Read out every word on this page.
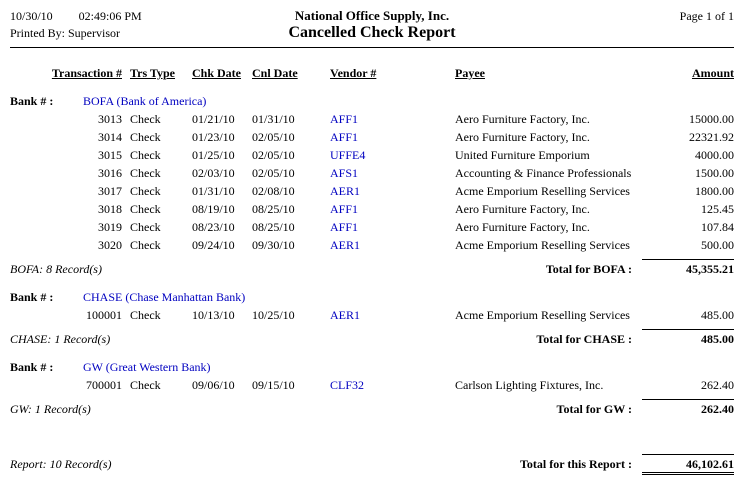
10/30/10 02:49:06 PM	National Office Supply, Inc.	Page 1 of 1
Printed By: Supervisor	Cancelled Check Report
Transaction #	Trs Type	Chk Date	Cnl Date	Vendor #	Payee	Amount
Bank # : BOFA (Bank of America)						
3013	Check	01/21/10	01/31/10	AFF1	Aero Furniture Factory, Inc.	15000.00
3014	Check	01/23/10	02/05/10	AFF1	Aero Furniture Factory, Inc.	22321.92
3015	Check	01/25/10	02/05/10	UFFE4	United Furniture Emporium	4000.00
3016	Check	02/03/10	02/05/10	AFS1	Accounting & Finance Professionals	1500.00
3017	Check	01/31/10	02/08/10	AER1	Acme Emporium Reselling Services	1800.00
3018	Check	08/19/10	08/25/10	AFF1	Aero Furniture Factory, Inc.	125.45
3019	Check	08/23/10	08/25/10	AFF1	Aero Furniture Factory, Inc.	107.84
3020	Check	09/24/10	09/30/10	AER1	Acme Emporium Reselling Services	500.00
BOFA: 8 Record(s)				Total for BOFA :		45,355.21

Bank # : CHASE (Chase Manhattan Bank)						
100001	Check	10/13/10	10/25/10	AER1	Acme Emporium Reselling Services	485.00
CHASE: 1 Record(s)				Total for CHASE :		485.00

Bank # : GW (Great Western Bank)						
700001	Check	09/06/10	09/15/10	CLF32	Carlson Lighting Fixtures, Inc.	262.40
GW: 1 Record(s)				Total for GW :		262.40

Report: 10 Record(s)				Total for this Report :		46,102.61
